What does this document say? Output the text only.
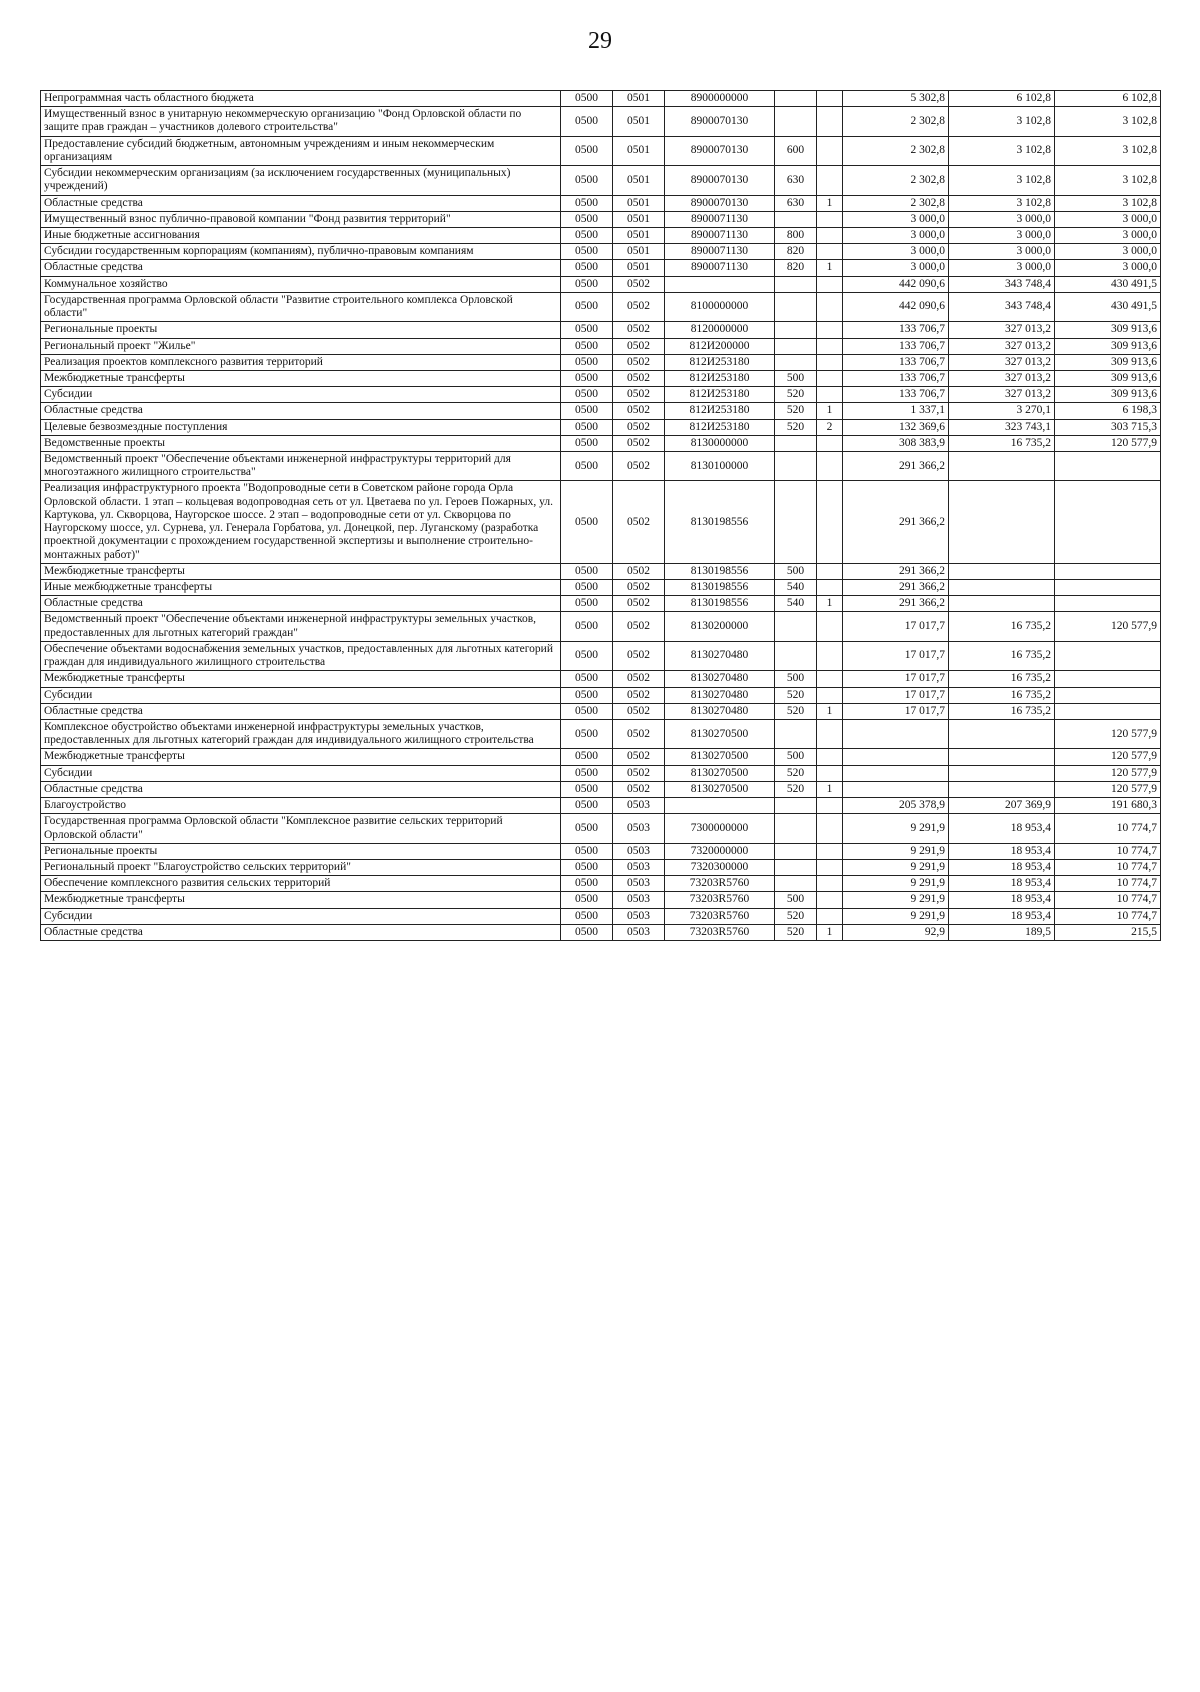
29
Непрограммная часть областного бюджета	0500	0501	8900000000			5 302,8	6 102,8	6 102,8
Имущественный взнос в унитарную некоммерческую организацию "Фонд Орловской области по защите прав граждан – участников долевого строительства"	0500	0501	8900070130			2 302,8	3 102,8	3 102,8
Предоставление субсидий бюджетным, автономным учреждениям и иным некоммерческим организациям	0500	0501	8900070130	600		2 302,8	3 102,8	3 102,8
Субсидии некоммерческим организациям (за исключением государственных (муниципальных) учреждений)	0500	0501	8900070130	630		2 302,8	3 102,8	3 102,8
Областные средства	0500	0501	8900070130	630	1	2 302,8	3 102,8	3 102,8
Имущественный взнос публично-правовой компании "Фонд развития территорий"	0500	0501	8900071130			3 000,0	3 000,0	3 000,0
Иные бюджетные ассигнования	0500	0501	8900071130	800		3 000,0	3 000,0	3 000,0
Субсидии государственным корпорациям (компаниям), публично-правовым компаниям	0500	0501	8900071130	820		3 000,0	3 000,0	3 000,0
Областные средства	0500	0501	8900071130	820	1	3 000,0	3 000,0	3 000,0
Коммунальное хозяйство	0500	0502				442 090,6	343 748,4	430 491,5
Государственная программа Орловской области "Развитие строительного комплекса Орловской области"	0500	0502	8100000000			442 090,6	343 748,4	430 491,5
Региональные проекты	0500	0502	8120000000			133 706,7	327 013,2	309 913,6
Региональный проект "Жилье"	0500	0502	812И200000			133 706,7	327 013,2	309 913,6
Реализация проектов комплексного развития территорий	0500	0502	812И253180			133 706,7	327 013,2	309 913,6
Межбюджетные трансферты	0500	0502	812И253180	500		133 706,7	327 013,2	309 913,6
Субсидии	0500	0502	812И253180	520		133 706,7	327 013,2	309 913,6
Областные средства	0500	0502	812И253180	520	1	1 337,1	3 270,1	6 198,3
Целевые безвозмездные поступления	0500	0502	812И253180	520	2	132 369,6	323 743,1	303 715,3
Ведомственные проекты	0500	0502	8130000000			308 383,9	16 735,2	120 577,9
Ведомственный проект "Обеспечение объектами инженерной инфраструктуры территорий для многоэтажного жилищного строительства"	0500	0502	8130100000			291 366,2		
Реализация инфраструктурного проекта "Водопроводные сети в Советском районе города Орла Орловской области. 1 этап – кольцевая водопроводная сеть от ул. Цветаева по ул. Героев Пожарных, ул. Картукова, ул. Скворцова, Наугорское шоссе. 2 этап – водопроводные сети от ул. Скворцова по Наугорскому шоссе, ул. Сурнева, ул. Генерала Горбатова, ул. Донецкой, пер. Луганскому (разработка проектной документации с прохождением государственной экспертизы и выполнение строительно-монтажных работ)"	0500	0502	8130198556			291 366,2		
Межбюджетные трансферты	0500	0502	8130198556	500		291 366,2		
Иные межбюджетные трансферты	0500	0502	8130198556	540		291 366,2		
Областные средства	0500	0502	8130198556	540	1	291 366,2		
Ведомственный проект "Обеспечение объектами инженерной инфраструктуры земельных участков, предоставленных для льготных категорий граждан"	0500	0502	8130200000			17 017,7	16 735,2	120 577,9
Обеспечение объектами водоснабжения земельных участков, предоставленных для льготных категорий граждан для индивидуального жилищного строительства	0500	0502	8130270480			17 017,7	16 735,2	
Межбюджетные трансферты	0500	0502	8130270480	500		17 017,7	16 735,2	
Субсидии	0500	0502	8130270480	520		17 017,7	16 735,2	
Областные средства	0500	0502	8130270480	520	1	17 017,7	16 735,2	
Комплексное обустройство объектами инженерной инфраструктуры земельных участков, предоставленных для льготных категорий граждан для индивидуального жилищного строительства	0500	0502	8130270500					120 577,9
Межбюджетные трансферты	0500	0502	8130270500	500				120 577,9
Субсидии	0500	0502	8130270500	520				120 577,9
Областные средства	0500	0502	8130270500	520	1			120 577,9
Благоустройство	0500	0503				205 378,9	207 369,9	191 680,3
Государственная программа Орловской области "Комплексное развитие сельских территорий Орловской области"	0500	0503	7300000000			9 291,9	18 953,4	10 774,7
Региональные проекты	0500	0503	7320000000			9 291,9	18 953,4	10 774,7
Региональный проект "Благоустройство сельских территорий"	0500	0503	7320300000			9 291,9	18 953,4	10 774,7
Обеспечение комплексного развития сельских территорий	0500	0503	73203R5760			9 291,9	18 953,4	10 774,7
Межбюджетные трансферты	0500	0503	73203R5760	500		9 291,9	18 953,4	10 774,7
Субсидии	0500	0503	73203R5760	520		9 291,9	18 953,4	10 774,7
Областные средства	0500	0503	73203R5760	520	1	92,9	189,5	215,5
